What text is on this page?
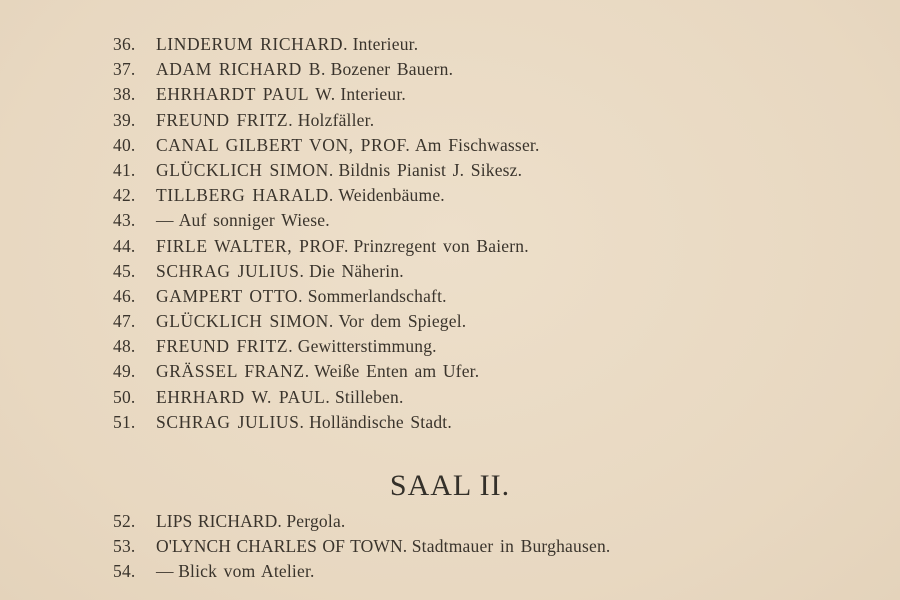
36. LINDERUM RICHARD. Interieur.
37. ADAM RICHARD B. Bozener Bauern.
38. EHRHARDT PAUL W. Interieur.
39. FREUND FRITZ. Holzfäller.
40. CANAL GILBERT VON, PROF. Am Fischwasser.
41. GLÜCKLICH SIMON. Bildnis Pianist J. Sikesz.
42. TILLBERG HARALD. Weidenbäume.
43. — Auf sonniger Wiese.
44. FIRLE WALTER, PROF. Prinzregent von Baiern.
45. SCHRAG JULIUS. Die Näherin.
46. GAMPERT OTTO. Sommerlandschaft.
47. GLÜCKLICH SIMON. Vor dem Spiegel.
48. FREUND FRITZ. Gewitterstimmung.
49. GRÄSSEL FRANZ. Weiße Enten am Ufer.
50. EHRHARD W. PAUL. Stilleben.
51. SCHRAG JULIUS. Holländische Stadt.
SAAL II.
52. LIPS RICHARD. Pergola.
53. O'LYNCH CHARLES OF TOWN. Stadtmauer in Burghausen.
54. — Blick vom Atelier.
